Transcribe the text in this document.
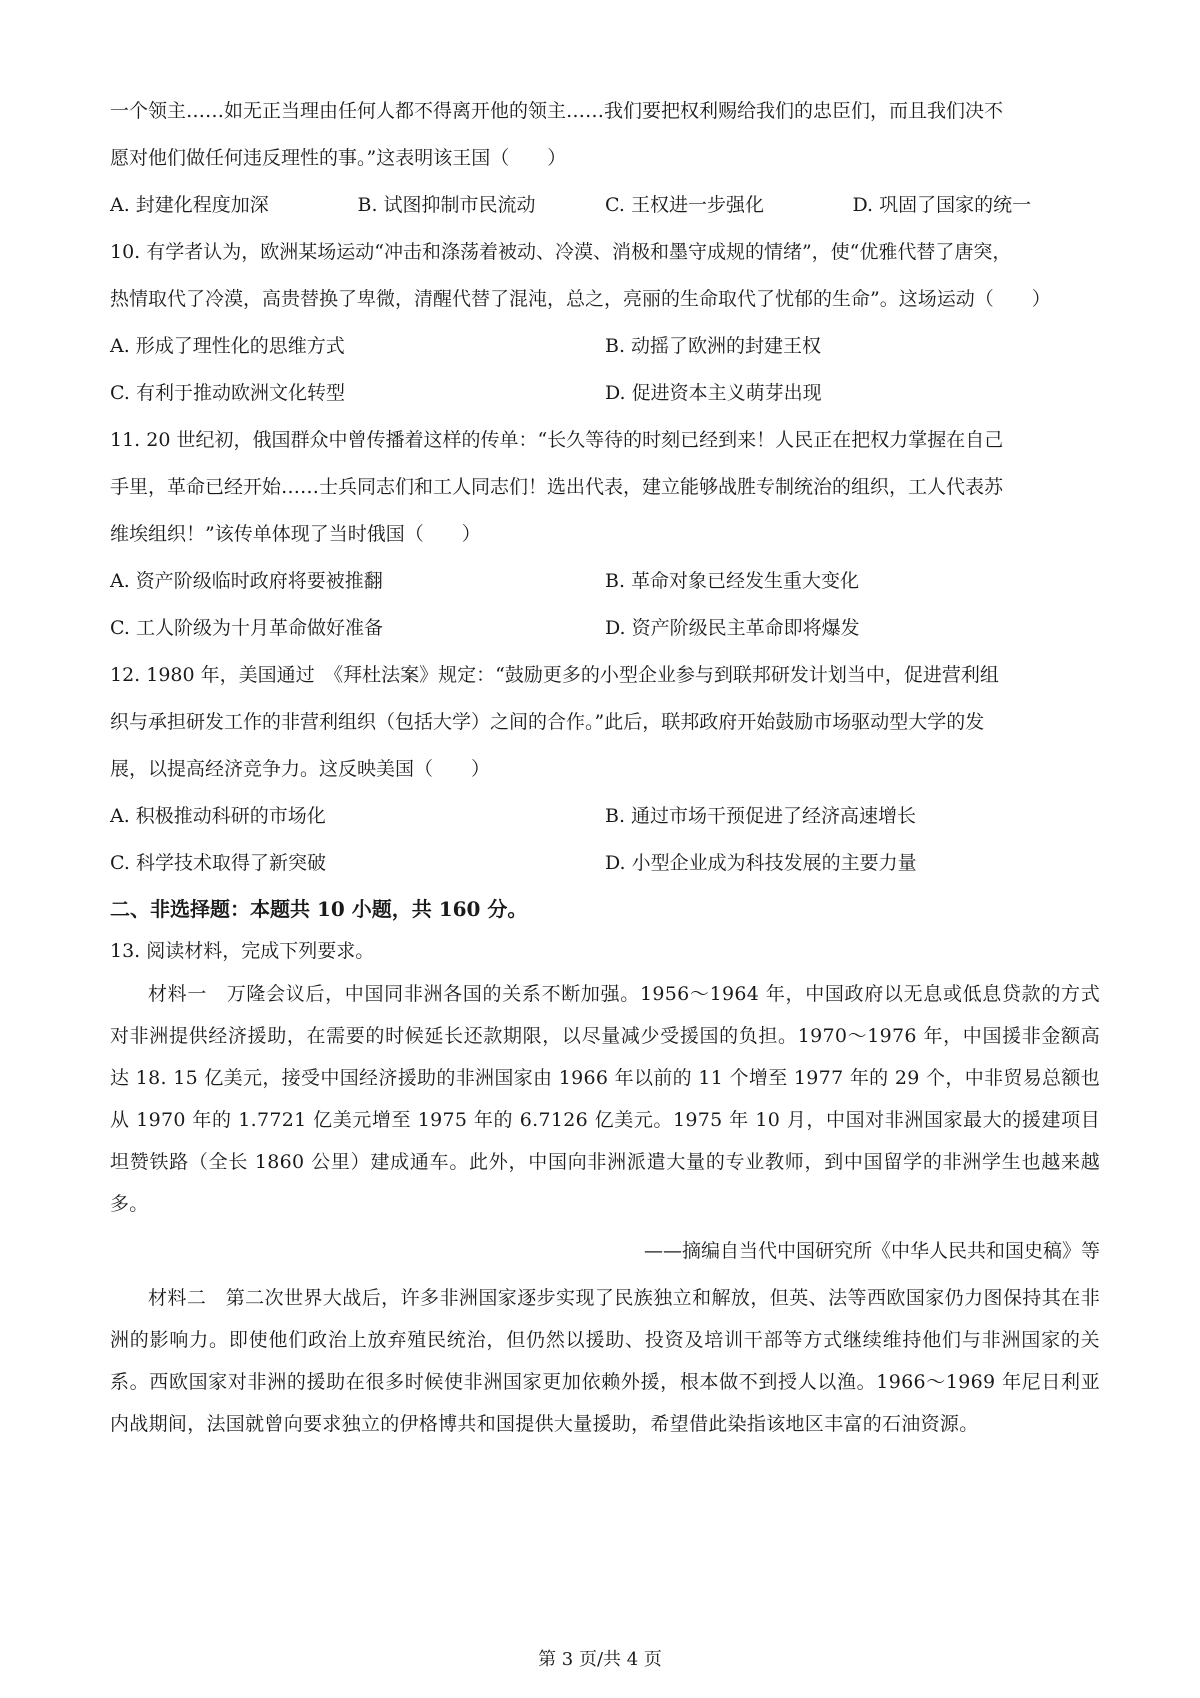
一个领主……如无正当理由任何人都不得离开他的领主……我们要把权利赐给我们的忠臣们，而且我们决不

愿对他们做任何违反理性的事。”这表明该王国（　　）

A. 封建化程度加深	B. 试图抑制市民流动	C. 王权进一步强化	D. 巩固了国家的统一

10. 有学者认为，欧洲某场运动“冲击和涤荡着被动、冷漠、消极和墨守成规的情绪”，使“优雅代替了唐突，

热情取代了冷漠，高贵替换了卑微，清醒代替了混沌，总之，亮丽的生命取代了忧郁的生命”。这场运动（　　）

A. 形成了理性化的思维方式	B. 动摇了欧洲的封建王权
C. 有利于推动欧洲文化转型	D. 促进资本主义萌芽出现

11. 20 世纪初，俄国群众中曾传播着这样的传单：“长久等待的时刻已经到来！人民正在把权力掌握在自己

手里，革命已经开始……士兵同志们和工人同志们！选出代表，建立能够战胜专制统治的组织，工人代表苏

维埃组织！”该传单体现了当时俄国（　　）

A. 资产阶级临时政府将要被推翻	B. 革命对象已经发生重大变化
C. 工人阶级为十月革命做好准备	D. 资产阶级民主革命即将爆发

12. 1980 年，美国通过　《拜杜法案》规定：“鼓励更多的小型企业参与到联邦研发计划当中，促进营利组

织与承担研发工作的非营利组织（包括大学）之间的合作。”此后，联邦政府开始鼓励市场驱动型大学的发

展，以提高经济竞争力。这反映美国（　　）

A. 积极推动科研的市场化	B. 通过市场干预促进了经济高速增长
C. 科学技术取得了新突破	D. 小型企业成为科技发展的主要力量
二、非选择题：本题共 10 小题，共 160 分。

13. 阅读材料，完成下列要求。

材料一　万隆会议后，中国同非洲各国的关系不断加强。1956～1964 年，中国政府以无息或低息贷款的方式对非洲提供经济援助，在需要的时候延长还款期限，以尽量减少受援国的负担。1970～1976 年，中国援非金额高达 18. 15 亿美元，接受中国经济援助的非洲国家由 1966 年以前的 11 个增至 1977 年的 29 个，中非贸易总额也从 1970 年的 1.7721 亿美元增至 1975 年的 6.7126 亿美元。1975 年 10 月，中国对非洲国家最大的援建项目坦赞铁路（全长 1860 公里）建成通车。此外，中国向非洲派遣大量的专业教师，到中国留学的非洲学生也越来越多。

——摘编自当代中国研究所《中华人民共和国史稿》等

材料二　第二次世界大战后，许多非洲国家逐步实现了民族独立和解放，但英、法等西欧国家仍力图保持其在非洲的影响力。即使他们政治上放弃殖民统治，但仍然以援助、投资及培训干部等方式继续维持他们与非洲国家的关系。西欧国家对非洲的援助在很多时候使非洲国家更加依赖外援，根本做不到授人以渔。1966～1969 年尼日利亚内战期间，法国就曾向要求独立的伊格博共和国提供大量援助，希望借此染指该地区丰富的石油资源。

第 3 页/共 4 页
